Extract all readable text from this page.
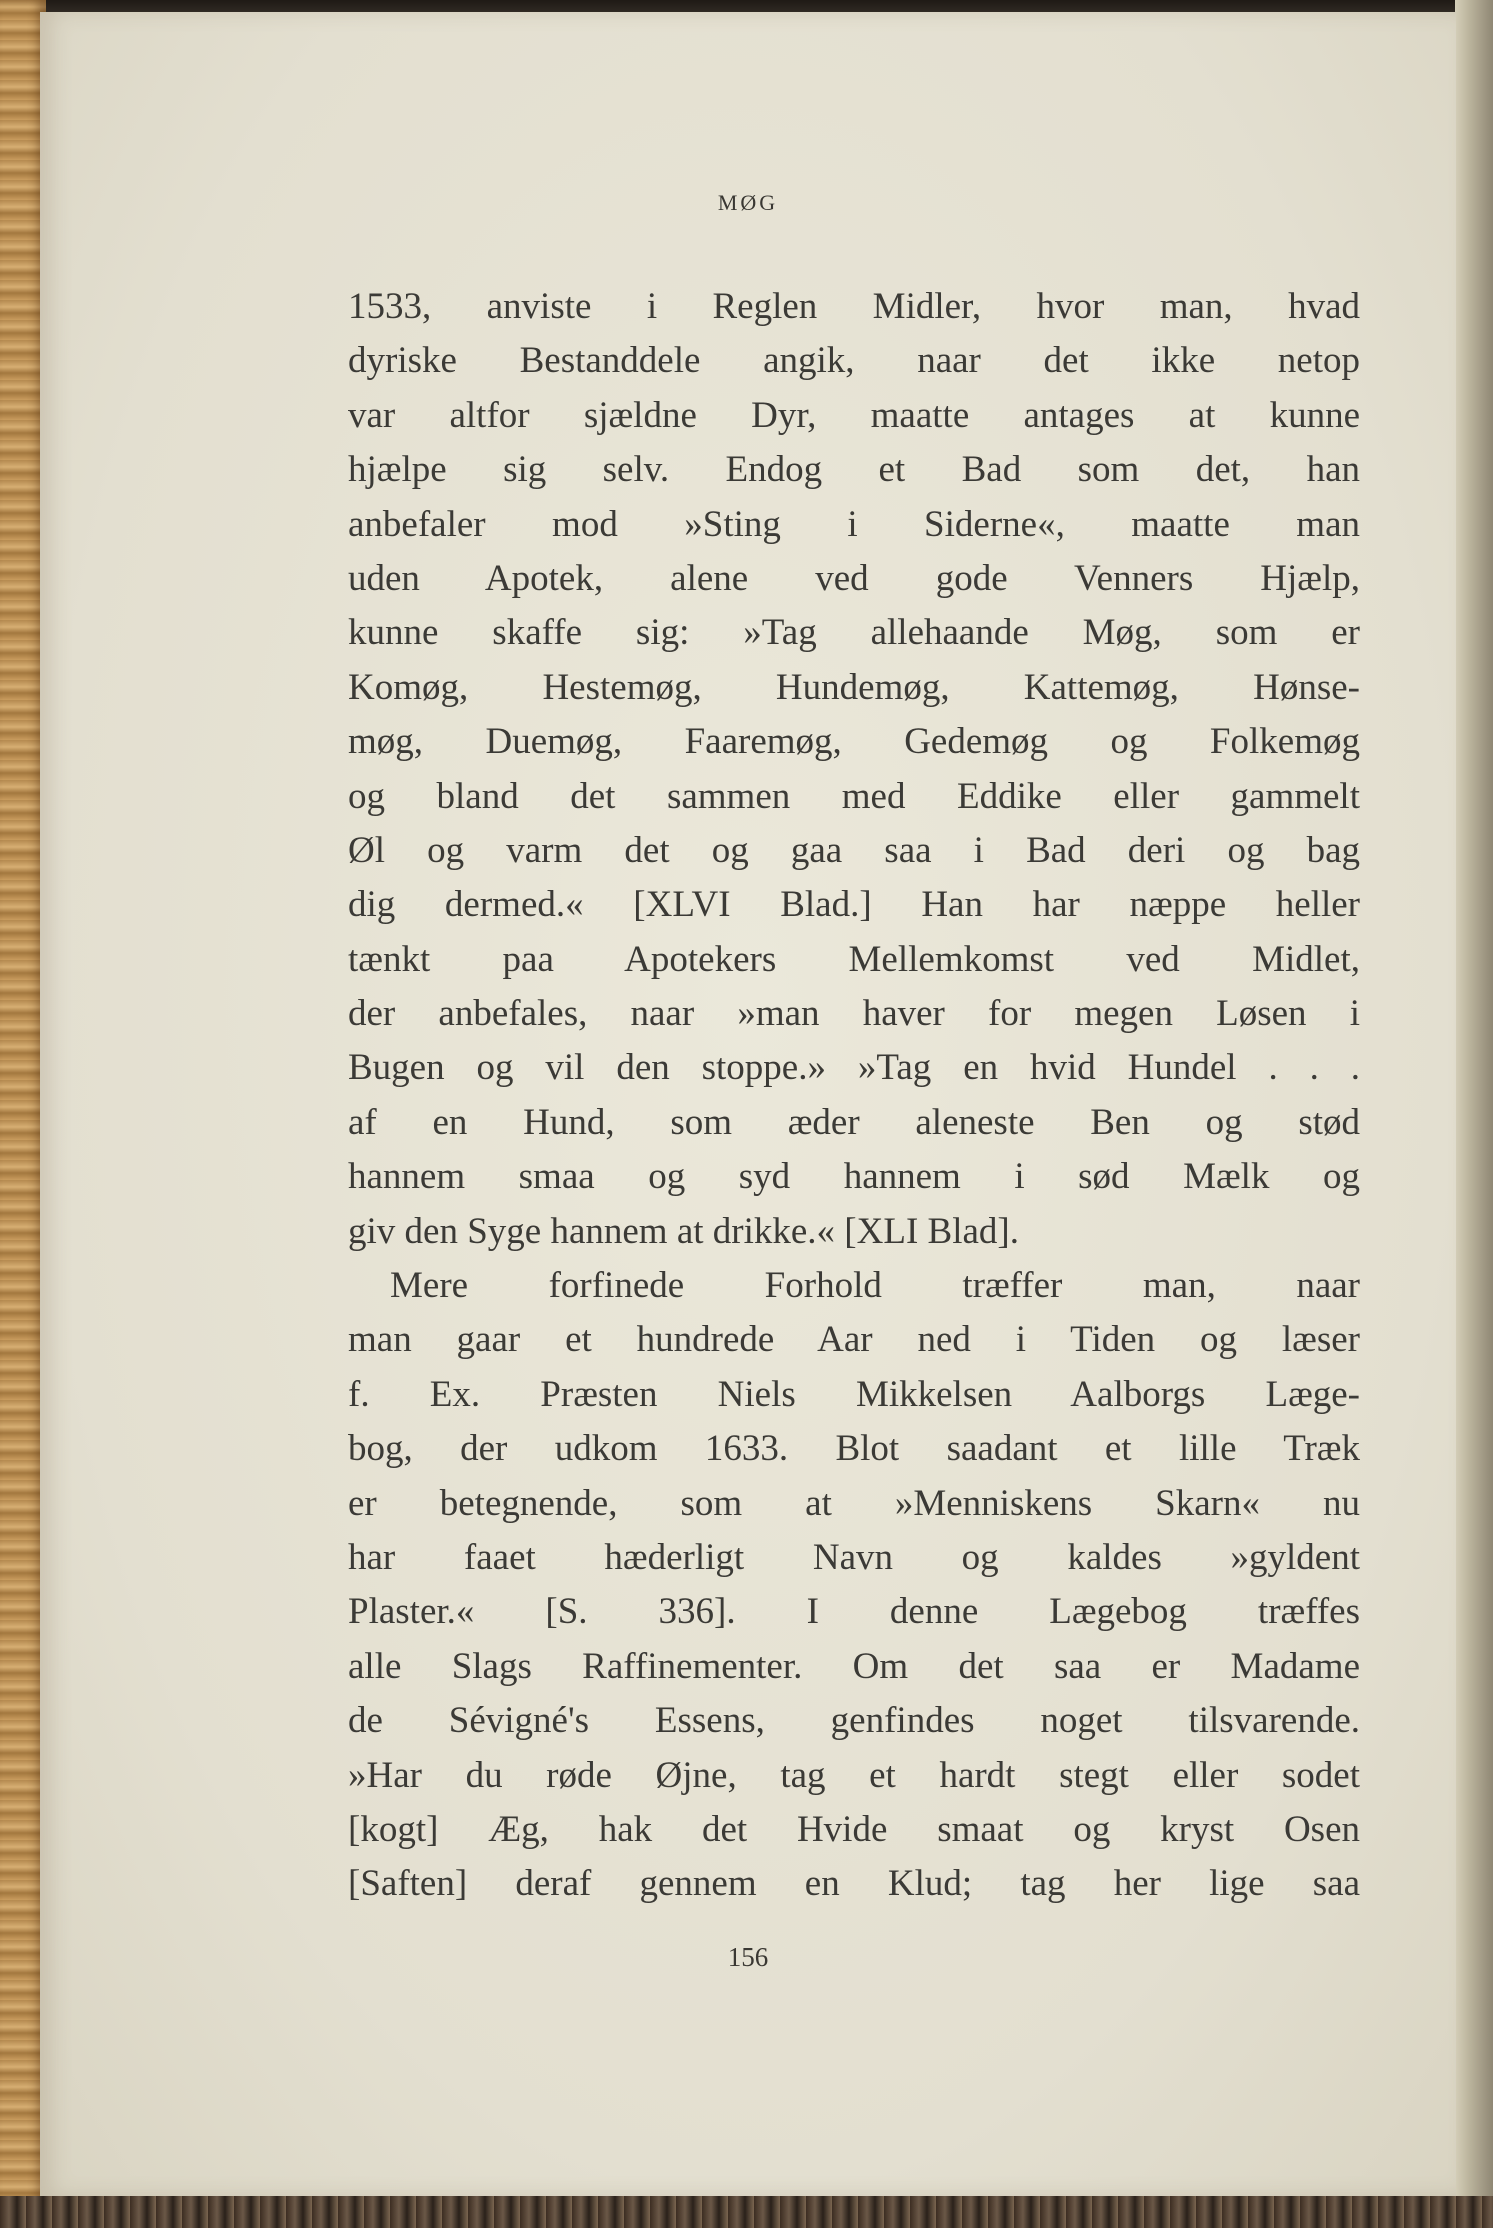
MØG
1533, anviste i Reglen Midler, hvor man, hvad
dyriske Bestanddele angik, naar det ikke netop
var altfor sjældne Dyr, maatte antages at kunne
hjælpe sig selv. Endog et Bad som det, han
anbefaler mod »Sting i Siderne«, maatte man
uden Apotek, alene ved gode Venners Hjælp,
kunne skaffe sig: »Tag allehaande Møg, som er
Komøg, Hestemøg, Hundemøg, Kattemøg, Hønse-
møg, Duemøg, Faaremøg, Gedemøg og Folkemøg
og bland det sammen med Eddike eller gammelt
Øl og varm det og gaa saa i Bad deri og bag
dig dermed.« [XLVI Blad.] Han har næppe heller
tænkt paa Apotekers Mellemkomst ved Midlet,
der anbefales, naar »man haver for megen Løsen i
Bugen og vil den stoppe.» »Tag en hvid Hundel . . .
af en Hund, som æder aleneste Ben og stød
hannem smaa og syd hannem i sød Mælk og
giv den Syge hannem at drikke.« [XLI Blad].
Mere forfinede Forhold træffer man, naar
man gaar et hundrede Aar ned i Tiden og læser
f. Ex. Præsten Niels Mikkelsen Aalborgs Læge-
bog, der udkom 1633. Blot saadant et lille Træk
er betegnende, som at »Menniskens Skarn« nu
har faaet hæderligt Navn og kaldes »gyldent
Plaster.« [S. 336]. I denne Lægebog træffes
alle Slags Raffinementer. Om det saa er Madame
de Sévigné's Essens, genfindes noget tilsvarende.
»Har du røde Øjne, tag et hardt stegt eller sodet
[kogt] Æg, hak det Hvide smaat og kryst Osen
[Saften] deraf gennem en Klud; tag her lige saa
156
